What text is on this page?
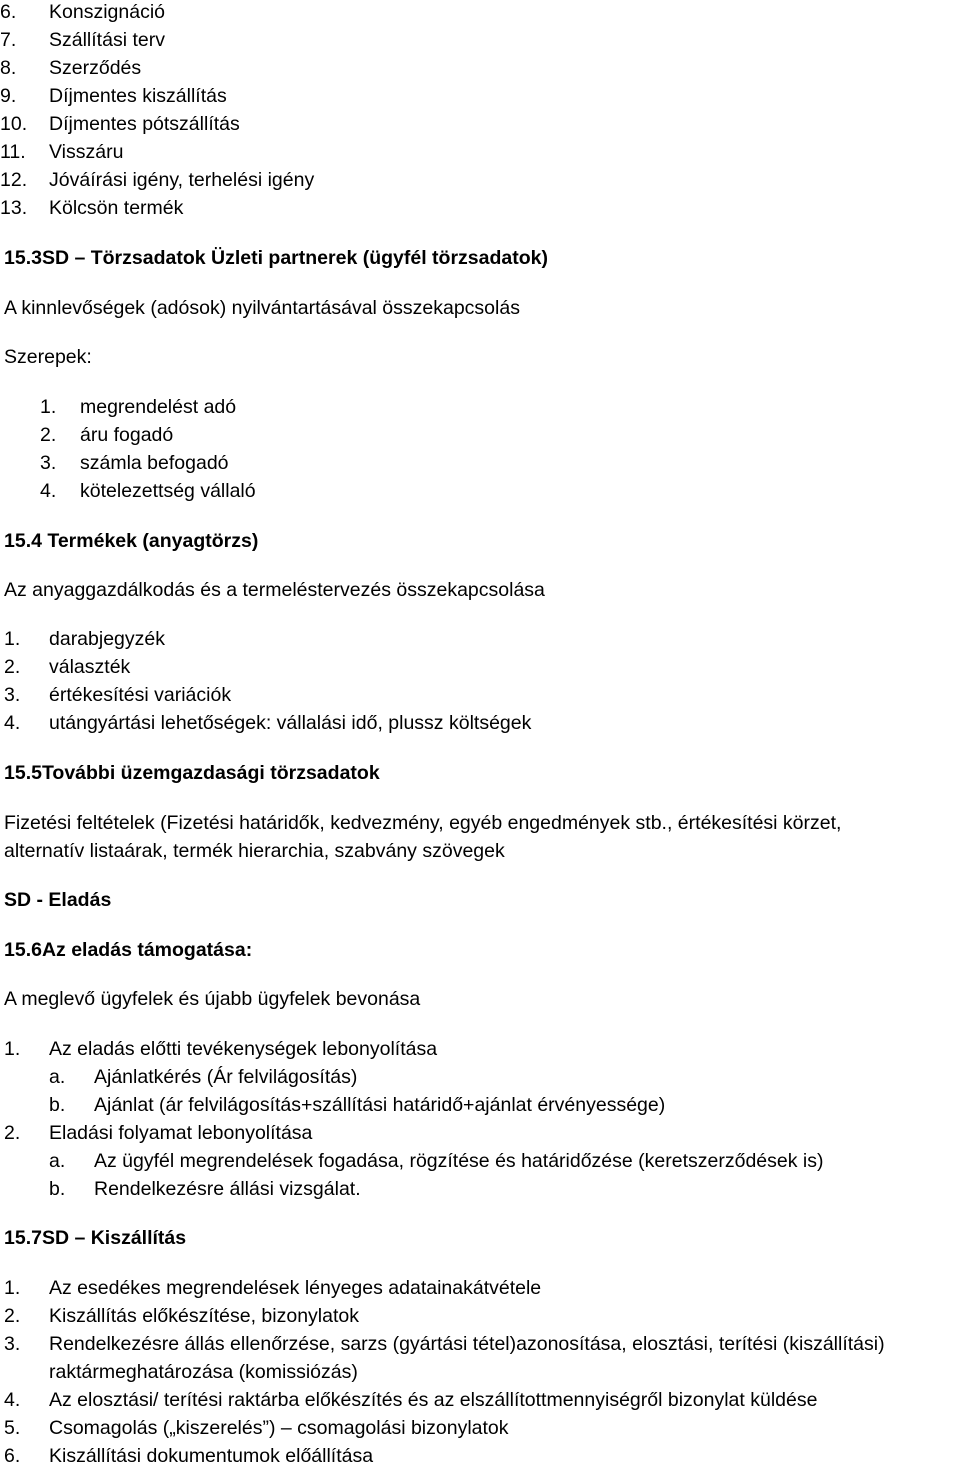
6. Konszignáció
7. Szállítási terv
8. Szerződés
9. Díjmentes kiszállítás
10. Díjmentes pótszállítás
11. Visszáru
12. Jóváírási igény, terhelési igény
13. Kölcsön termék
15.3SD – Törzsadatok Üzleti partnerek (ügyfél törzsadatok)
A kinnlevőségek (adósok) nyilvántartásával összekapcsolás
Szerepek:
1. megrendelést adó
2. áru fogadó
3. számla befogadó
4. kötelezettség vállaló
15.4 Termékek (anyagtörzs)
Az anyaggazdálkodás és a termeléstervezés összekapcsolása
1. darabjegyzék
2. választék
3. értékesítési variációk
4. utángyártási lehetőségek: vállalási idő, plussz költségek
15.5További üzemgazdasági törzsadatok
Fizetési feltételek (Fizetési határidők, kedvezmény, egyéb engedmények stb., értékesítési körzet,
alternatív listaárak, termék hierarchia, szabvány szövegek
SD - Eladás
15.6Az eladás támogatása:
A meglevő ügyfelek és újabb ügyfelek bevonása
1. Az eladás előtti tevékenységek lebonyolítása
a. Ajánlatkérés (Ár felvilágosítás)
b. Ajánlat (ár felvilágosítás+szállítási határidő+ajánlat érvényessége)
2. Eladási folyamat lebonyolítása
a. Az ügyfél megrendelések fogadása, rögzítése és határidőzése (keretszerződések is)
b. Rendelkezésre állási vizsgálat.
15.7SD – Kiszállítás
1. Az esedékes megrendelések lényeges adatainakátvétele
2. Kiszállítás előkészítése, bizonylatok
3. Rendelkezésre állás ellenőrzése, sarzs (gyártási tétel)azonosítása, elosztási, terítési (kiszállítási)
raktármeghatározása (komissiózás)
4. Az elosztási/ terítési raktárba előkészítés és az elszállítottmennyiségről bizonylat küldése
5. Csomagolás („kiszerelés”) – csomagolási bizonylatok
6. Kiszállítási dokumentumok előállítása
